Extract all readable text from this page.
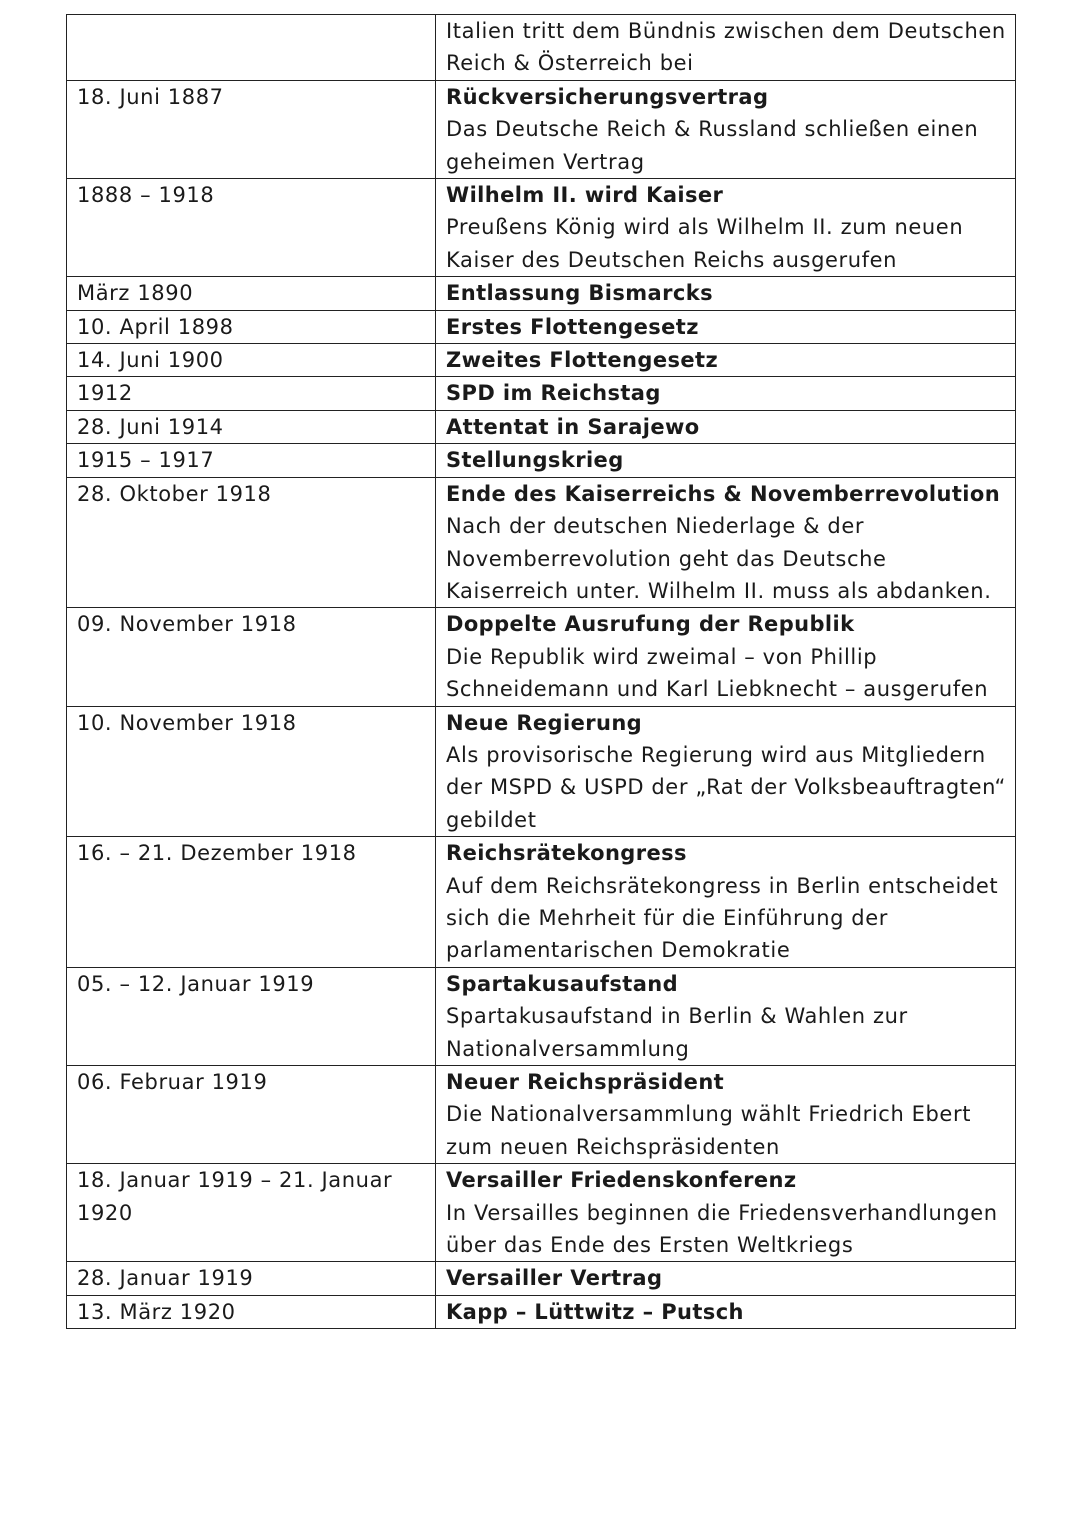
	Italien tritt dem Bündnis zwischen dem Deutschen Reich & Österreich bei

18. Juni 1887	Rückversicherungsvertrag
Das Deutsche Reich & Russland schließen einen geheimen Vertrag

1888 – 1918	Wilhelm II. wird Kaiser
Preußens König wird als Wilhelm II. zum neuen Kaiser des Deutschen Reichs ausgerufen

März 1890	Entlassung Bismarcks

10. April 1898	Erstes Flottengesetz

14. Juni 1900	Zweites Flottengesetz

1912	SPD im Reichstag

28. Juni 1914	Attentat in Sarajewo

1915 – 1917	Stellungskrieg

28. Oktober 1918	Ende des Kaiserreichs & Novemberrevolution
Nach der deutschen Niederlage & der Novemberrevolution geht das Deutsche Kaiserreich unter. Wilhelm II. muss als abdanken.

09. November 1918	Doppelte Ausrufung der Republik
Die Republik wird zweimal – von Phillip Schneidemann und Karl Liebknecht – ausgerufen

10. November 1918	Neue Regierung
Als provisorische Regierung wird aus Mitgliedern der MSPD & USPD der „Rat der Volksbeauftragten“ gebildet

16. – 21. Dezember 1918	Reichsrätekongress
Auf dem Reichsrätekongress in Berlin entscheidet sich die Mehrheit für die Einführung der parlamentarischen Demokratie

05. – 12. Januar 1919	Spartakusaufstand
Spartakusaufstand in Berlin & Wahlen zur Nationalversammlung

06. Februar 1919	Neuer Reichspräsident
Die Nationalversammlung wählt Friedrich Ebert zum neuen Reichspräsidenten

18. Januar 1919 – 21. Januar 1920	Versailler Friedenskonferenz
In Versailles beginnen die Friedensverhandlungen über das Ende des Ersten Weltkriegs

28. Januar 1919	Versailler Vertrag

13. März 1920	Kapp – Lüttwitz – Putsch
